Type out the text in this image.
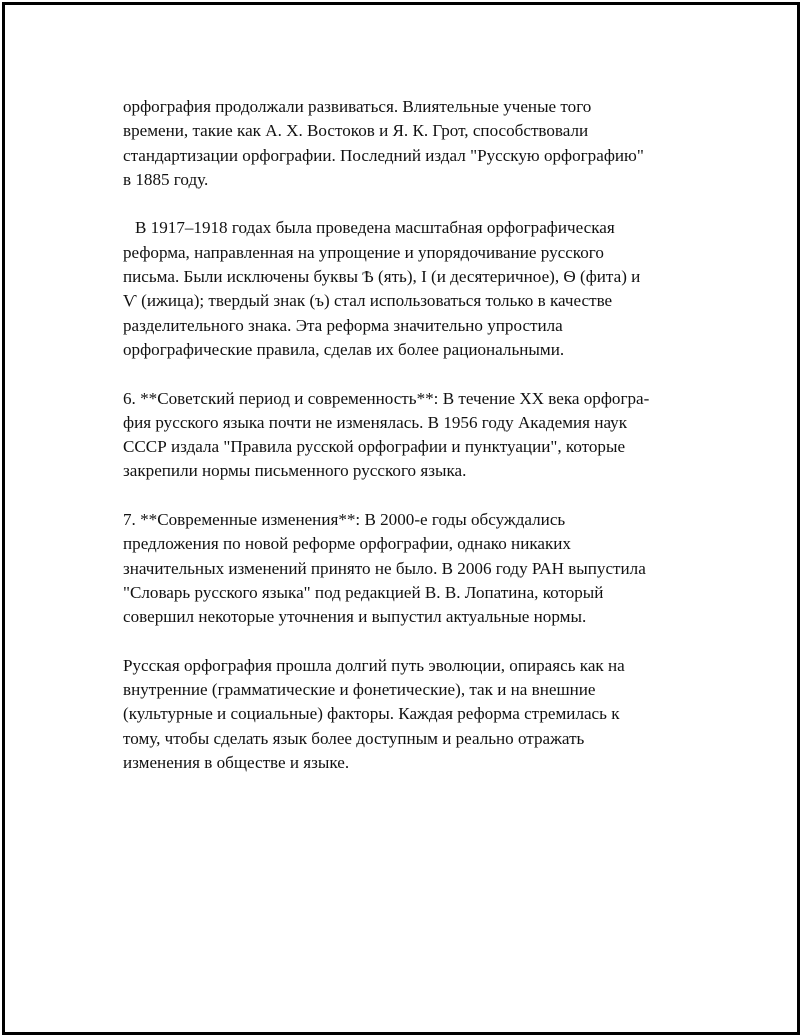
орфография продолжали развиваться. Влиятельные ученые того
времени, такие как А. Х. Востоков и Я. К. Грот, способствовали
стандартизации орфографии. Последний издал "Русскую орфографию"
в 1885 году.

В 1917–1918 годах была проведена масштабная орфографическая
реформа, направленная на упрощение и упорядочивание русского
письма. Были исключены буквы Ѣ (ять), І (и десятеричное), Ѳ (фита) и
Ѵ (ижица); твердый знак (ъ) стал использоваться только в качестве
разделительного знака. Эта реформа значительно упростила
орфографические правила, сделав их более рациональными.

6. **Советский период и современность**: В течение XX века орфогра-
фия русского языка почти не изменялась. В 1956 году Академия наук
СССР издала "Правила русской орфографии и пунктуации", которые
закрепили нормы письменного русского языка.

7. **Современные изменения**: В 2000-е годы обсуждались
предложения по новой реформе орфографии, однако никаких
значительных изменений принято не было. В 2006 году РАН выпустила
"Словарь русского языка" под редакцией В. В. Лопатина, который
совершил некоторые уточнения и выпустил актуальные нормы.

Русская орфография прошла долгий путь эволюции, опираясь как на
внутренние (грамматические и фонетические), так и на внешние
(культурные и социальные) факторы. Каждая реформа стремилась к
тому, чтобы сделать язык более доступным и реально отражать
изменения в обществе и языке.
